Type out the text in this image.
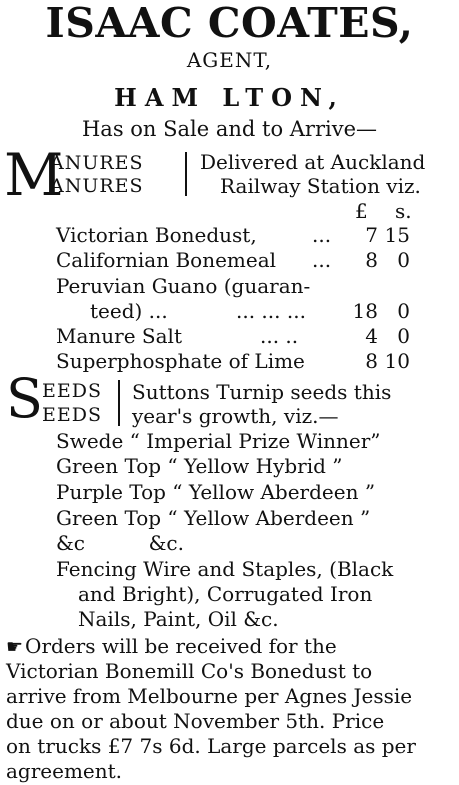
ISAAC COATES,
AGENT,
HAM LTON,
Has on Sale and to Arrive—
M
ANURES
ANURES
Delivered at Auckland
Railway Station viz.
£ s.
Victorian Bonedust,	...	7 15
Californian Bonemeal ...	8 0
Peruvian Guano (guaran-
teed) ...	... ... ...	18 0
Manure Salt	... ..	4 0
Superphosphate of Lime	8 10
S EEDS
EEDS
Suttons Turnip seeds this
year's growth, viz.—
Swede “ Imperial Prize Winner”
Green Top “ Yellow Hybrid ”
Purple Top “ Yellow Aberdeen ”
Green Top “ Yellow Aberdeen ”
&c          &c.
Fencing Wire and Staples, (Black
and Bright), Corrugated Iron
Nails, Paint, Oil &c.
☛ Orders will be received for the
Victorian Bonemill Co's Bonedust to
arrive from Melbourne per Agnes Jessie
due on or about November 5th. Price
on trucks £7 7s 6d. Large parcels as per
agreement.
